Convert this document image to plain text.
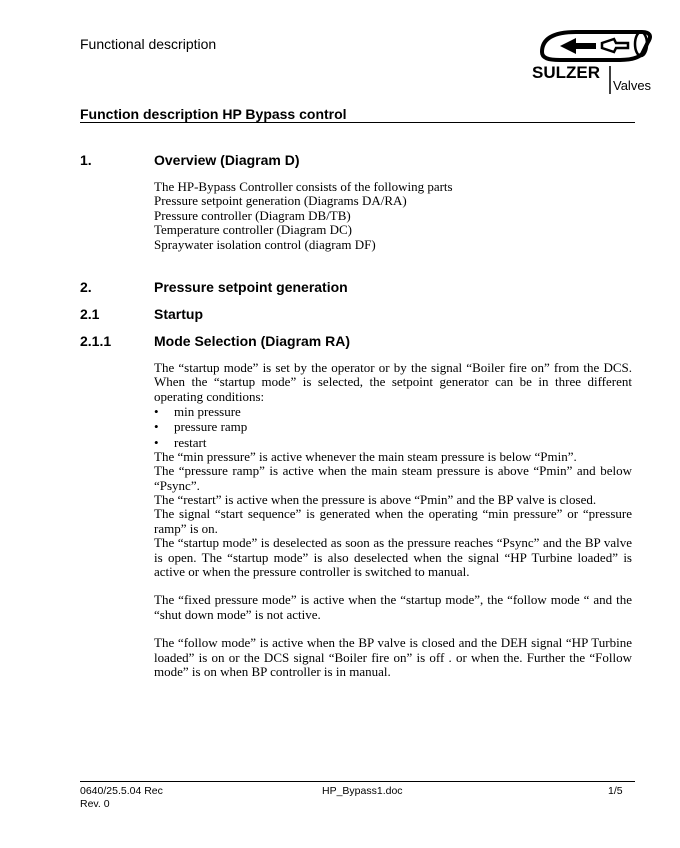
Functional description
SULZER
Valves
Function description HP Bypass control
1.	Overview (Diagram D)
The HP-Bypass Controller consists of the following parts
Pressure setpoint generation (Diagrams DA/RA)
Pressure controller (Diagram DB/TB)
Temperature controller (Diagram DC)
Spraywater isolation control (diagram DF)
2.	Pressure setpoint generation
2.1	Startup
2.1.1	Mode Selection (Diagram RA)

The “startup mode” is set by the operator or by the signal “Boiler fire on” from the DCS. When the “startup mode” is selected, the setpoint generator can be in three different operating conditions:

• min pressure
• pressure ramp
• restart

The “min pressure” is active whenever the main steam pressure is below “Pmin”.

The “pressure ramp” is active when the main steam pressure is above “Pmin” and below “Psync”.

The “restart” is active when the pressure is above “Pmin” and the BP valve is closed.

The signal “start sequence” is generated when the operating “min pressure” or “pressure ramp” is on.

The “startup mode” is deselected as soon as the pressure reaches “Psync” and the BP valve is open. The “startup mode” is also deselected when the signal “HP Turbine loaded” is active or when the pressure controller is switched to manual.

The “fixed pressure mode” is active when the “startup mode”, the “follow mode “ and the “shut down mode” is not active.

The “follow mode” is active when the BP valve is closed and the DEH signal “HP Turbine loaded” is on or the DCS signal “Boiler fire on” is off . or when the. Further the “Follow mode” is on when BP controller is in manual.

0640/25.5.04 Rec
Rev. 0
HP_Bypass1.doc	1/5
